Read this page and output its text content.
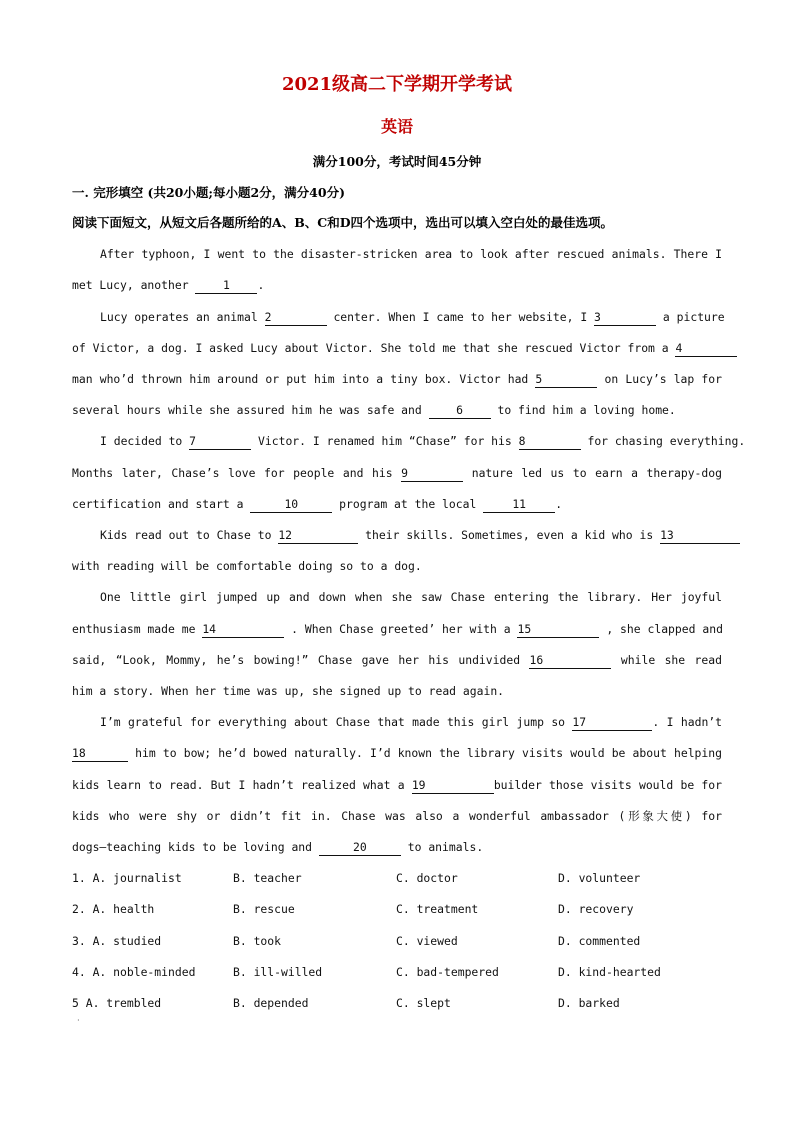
2021级高二下学期开学考试
英语
满分100分，考试时间45分钟
一. 完形填空 (共20小题;每小题2分，满分40分)
阅读下面短文，从短文后各题所给的A、B、C和D四个选项中，选出可以填入空白处的最佳选项。
After typhoon, I went to the disaster-stricken area to look after rescued animals. There I
met Lucy, another 1 .
Lucy operates an animal 2	center. When I came to her website, I 3	a picture
of Victor, a dog. I asked Lucy about Victor. She told me that she rescued Victor from a 4
man who’d thrown him around or put him into a tiny box. Victor had 5	on Lucy’s lap for
several hours while she assured him he was safe and 6 to find him a loving home.
I decided to 7	Victor. I renamed him “Chase” for his 8	for chasing everything.
Months later, Chase’s love for people and his 9	nature led us to earn a therapy-dog
certification and start a	10	program at the local	11	.
Kids read out to Chase to 12	their skills. Sometimes, even a kid who is 13
with reading will be comfortable doing so to a dog.
One little girl jumped up and down when she saw Chase entering the library. Her joyful
enthusiasm made me 14	. When Chase greeted’ her with a 15	, she clapped and
said, “Look, Mommy, he’s bowing!” Chase gave her his undivided 16	while she read
him a story. When her time was up, she signed up to read again.
I’m grateful for everything about Chase that made this girl jump so 17	. I hadn’t
18	him to bow; he’d bowed naturally. I’d known the library visits would be about helping
kids learn to read. But I hadn’t realized what a 19	builder those visits would be for
kids who were shy or didn’t fit in. Chase was also a wonderful ambassador (形象大使) for
dogs—teaching kids to be loving and	20	to animals.
1. A. journalist	B. teacher	C. doctor	D. volunteer
2. A. health	B. rescue	C. treatment	D. recovery
3. A. studied	B. took	C. viewed	D. commented
4. A. noble-minded	B. ill-willed	C. bad-tempered	D. kind-hearted
5 A. trembled	B. depended	C. slept	D. barked
·
